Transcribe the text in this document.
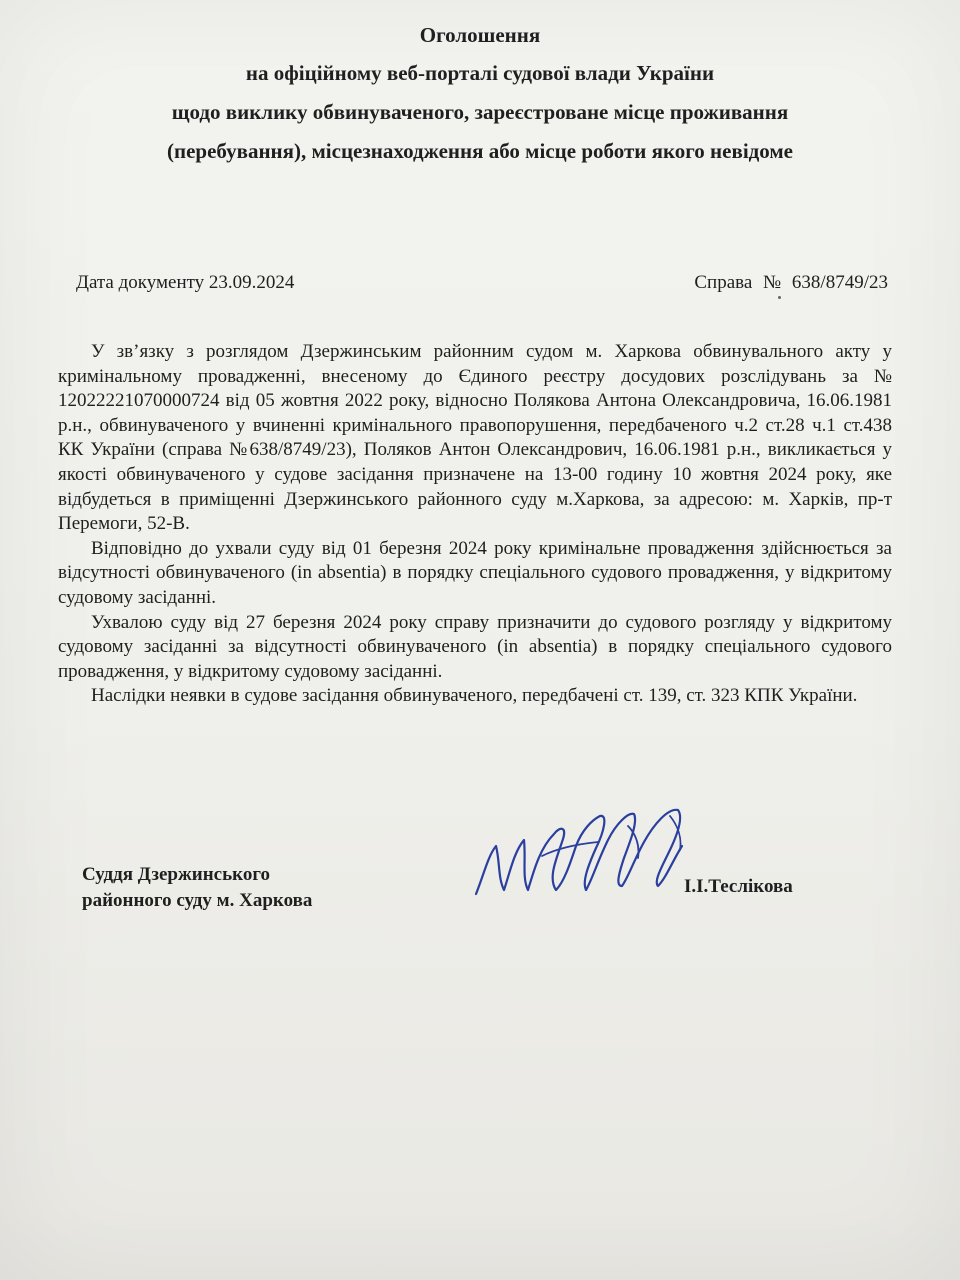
Оголошення
на офіційному веб-порталі судової влади України
щодо виклику обвинуваченого, зареєстроване місце проживання
(перебування), місцезнаходження або місце роботи якого невідоме
Дата документу 23.09.2024	Справа № 638/8749/23

У зв’язку з розглядом Дзержинським районним судом м. Харкова обвинувального акту у кримінальному провадженні, внесеному до Єдиного реєстру досудових розслідувань за № 12022221070000724 від 05 жовтня 2022 року, відносно Полякова Антона Олександровича, 16.06.1981 р.н., обвинуваченого у вчиненні кримінального правопорушення, передбаченого ч.2 ст.28 ч.1 ст.438 КК України (справа №638/8749/23), Поляков Антон Олександрович, 16.06.1981 р.н., викликається у якості обвинуваченого у судове засідання призначене на 13-00 годину 10 жовтня 2024 року, яке відбудеться в приміщенні Дзержинського районного суду м.Харкова, за адресою: м. Харків, пр-т Перемоги, 52-В.

Відповідно до ухвали суду від 01 березня 2024 року кримінальне провадження здійснюється за відсутності обвинуваченого (in absentia) в порядку спеціального судового провадження, у відкритому судовому засіданні.

Ухвалою суду від 27 березня 2024 року справу призначити до судового розгляду у відкритому судовому засіданні за відсутності обвинуваченого (in absentia) в порядку спеціального судового провадження, у відкритому судовому засіданні.

Наслідки неявки в судове засідання обвинуваченого, передбачені ст. 139, ст. 323 КПК України.

Суддя Дзержинського
районного суду м. Харкова
І.І.Теслікова
